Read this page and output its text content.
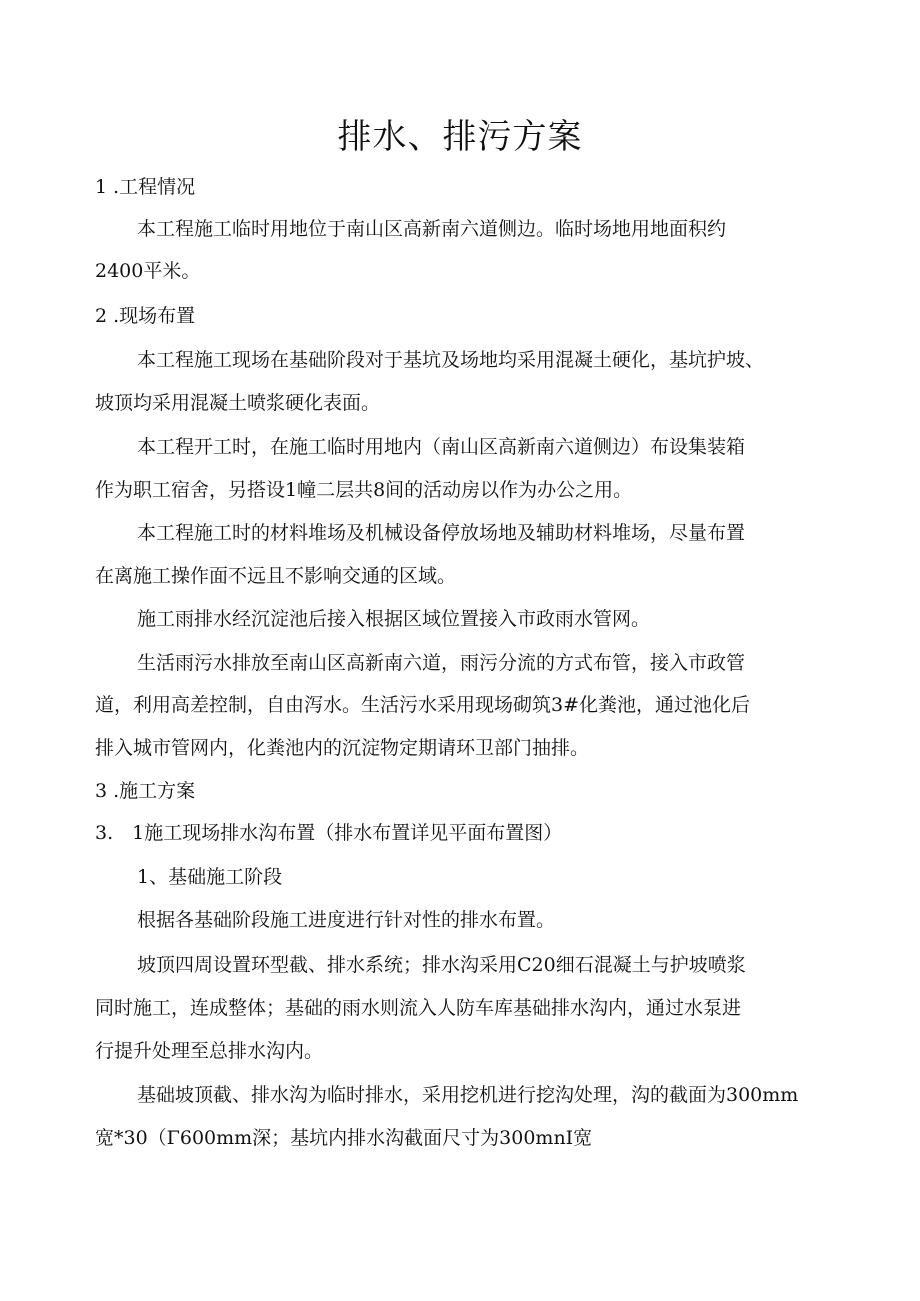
排水、排污方案
1 .工程情况
本工程施工临时用地位于南山区高新南六道侧边。临时场地用地面积约
2400平米。
2 .现场布置
本工程施工现场在基础阶段对于基坑及场地均采用混凝土硬化，基坑护坡、
坡顶均采用混凝土喷浆硬化表面。
本工程开工时，在施工临时用地内（南山区高新南六道侧边）布设集装箱
作为职工宿舍，另搭设1幢二层共8间的活动房以作为办公之用。
本工程施工时的材料堆场及机械设备停放场地及辅助材料堆场，尽量布置
在离施工操作面不远且不影响交通的区域。
施工雨排水经沉淀池后接入根据区域位置接入市政雨水管网。
生活雨污水排放至南山区高新南六道，雨污分流的方式布管，接入市政管
道，利用高差控制，自由泻水。生活污水采用现场砌筑3#化粪池，通过池化后
排入城市管网内，化粪池内的沉淀物定期请环卫部门抽排。
3 .施工方案
3.　1施工现场排水沟布置（排水布置详见平面布置图）
1、基础施工阶段
根据各基础阶段施工进度进行针对性的排水布置。
坡顶四周设置环型截、排水系统；排水沟采用C20细石混凝土与护坡喷浆
同时施工，连成整体；基础的雨水则流入人防车库基础排水沟内，通过水泵进
行提升处理至总排水沟内。
基础坡顶截、排水沟为临时排水，采用挖机进行挖沟处理，沟的截面为300mm
宽*30（Γ600mm深；基坑内排水沟截面尺寸为300mnI宽
